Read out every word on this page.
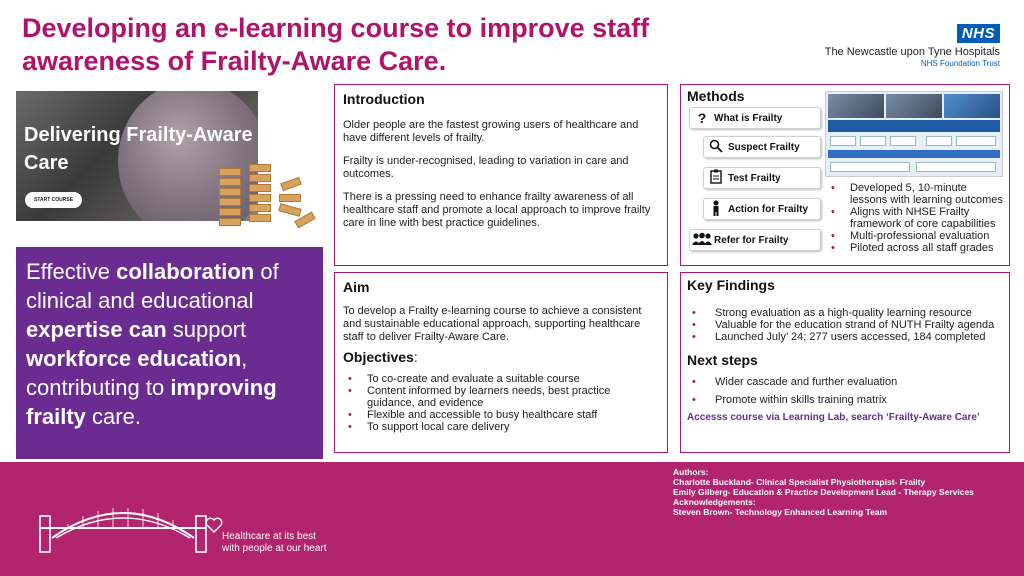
Developing an e-learning course to improve staff
awareness of Frailty-Aware Care.
NHS
The Newcastle upon Tyne Hospitals
NHS Foundation Trust
Delivering Frailty-Aware
Care
START COURSE
Effective collaboration of clinical and educational expertise can support workforce education, contributing to improving frailty care.
Introduction

Older people are the fastest growing users of healthcare and have different levels of frailty.

Frailty is under-recognised, leading to variation in care and outcomes.

There is a pressing need to enhance frailty awareness of all healthcare staff and promote a local approach to improve frailty care in line with best practice guidelines.

Aim

To develop a Frailty e-learning course to achieve a consistent and sustainable educational approach, supporting healthcare staff to deliver Frailty-Aware Care.

Objectives:
• To co-create and evaluate a suitable course
• Content informed by learners needs, best practice guidance, and evidence
• Flexible and accessible to busy healthcare staff
• To support local care delivery
Methods
? What is Frailty
Suspect Frailty
Test Frailty
Action for Frailty
Refer for Frailty
• Developed 5, 10-minute lessons with learning outcomes
• Aligns with NHSE Frailty framework of core capabilities
• Multi-professional evaluation
• Piloted across all staff grades
Key Findings
• Strong evaluation as a high-quality learning resource
• Valuable for the education strand of NUTH Frailty agenda
• Launched July’ 24; 277 users accessed, 184 completed
Next steps
• Wider cascade and further evaluation
• Promote within skills training matrix
Accesss course via Learning Lab, search ‘Frailty-Aware Care’
Healthcare at its best
with people at our heart
Authors:
Charlotte Buckland- Clinical Specialist Physiotherapist- Frailty
Emily Gilberg- Education & Practice Development Lead - Therapy Services
Acknowledgements:
Steven Brown- Technology Enhanced Learning Team
